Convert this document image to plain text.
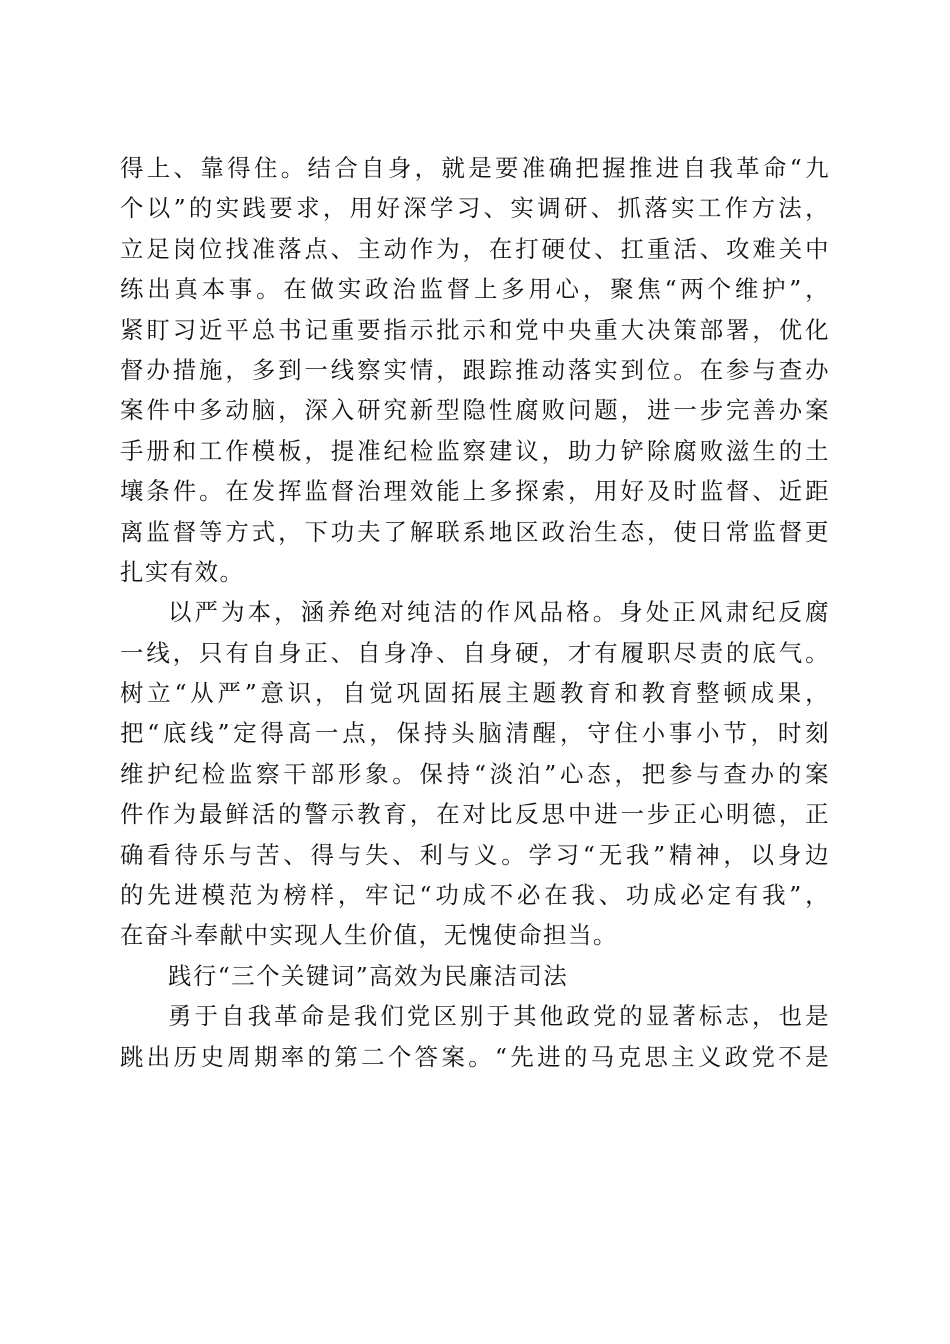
得上、靠得住。结合自身，就是要准确把握推进自我革命“九
个以”的实践要求，用好深学习、实调研、抓落实工作方法，
立足岗位找准落点、主动作为，在打硬仗、扛重活、攻难关中
练出真本事。在做实政治监督上多用心，聚焦“两个维护”，
紧盯习近平总书记重要指示批示和党中央重大决策部署，优化
督办措施，多到一线察实情，跟踪推动落实到位。在参与查办
案件中多动脑，深入研究新型隐性腐败问题，进一步完善办案
手册和工作模板，提准纪检监察建议，助力铲除腐败滋生的土
壤条件。在发挥监督治理效能上多探索，用好及时监督、近距
离监督等方式，下功夫了解联系地区政治生态，使日常监督更
扎实有效。
以严为本，涵养绝对纯洁的作风品格。身处正风肃纪反腐
一线，只有自身正、自身净、自身硬，才有履职尽责的底气。
树立“从严”意识，自觉巩固拓展主题教育和教育整顿成果，
把“底线”定得高一点，保持头脑清醒，守住小事小节，时刻
维护纪检监察干部形象。保持“淡泊”心态，把参与查办的案
件作为最鲜活的警示教育，在对比反思中进一步正心明德，正
确看待乐与苦、得与失、利与义。学习“无我”精神，以身边
的先进模范为榜样，牢记“功成不必在我、功成必定有我”，
在奋斗奉献中实现人生价值，无愧使命担当。
践行“三个关键词”高效为民廉洁司法
勇于自我革命是我们党区别于其他政党的显著标志，也是
跳出历史周期率的第二个答案。“先进的马克思主义政党不是
